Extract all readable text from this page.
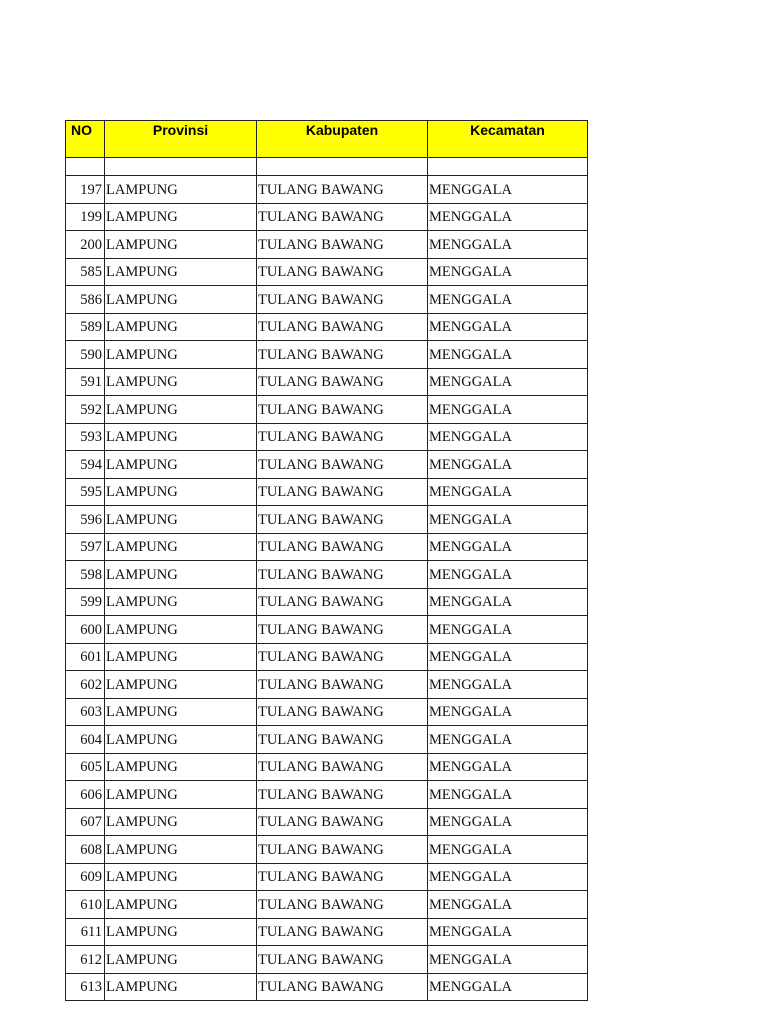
NO	Provinsi	Kabupaten	Kecamatan

197	LAMPUNG	TULANG BAWANG	MENGGALA
199	LAMPUNG	TULANG BAWANG	MENGGALA
200	LAMPUNG	TULANG BAWANG	MENGGALA
585	LAMPUNG	TULANG BAWANG	MENGGALA
586	LAMPUNG	TULANG BAWANG	MENGGALA
589	LAMPUNG	TULANG BAWANG	MENGGALA
590	LAMPUNG	TULANG BAWANG	MENGGALA
591	LAMPUNG	TULANG BAWANG	MENGGALA
592	LAMPUNG	TULANG BAWANG	MENGGALA
593	LAMPUNG	TULANG BAWANG	MENGGALA
594	LAMPUNG	TULANG BAWANG	MENGGALA
595	LAMPUNG	TULANG BAWANG	MENGGALA
596	LAMPUNG	TULANG BAWANG	MENGGALA
597	LAMPUNG	TULANG BAWANG	MENGGALA
598	LAMPUNG	TULANG BAWANG	MENGGALA
599	LAMPUNG	TULANG BAWANG	MENGGALA
600	LAMPUNG	TULANG BAWANG	MENGGALA
601	LAMPUNG	TULANG BAWANG	MENGGALA
602	LAMPUNG	TULANG BAWANG	MENGGALA
603	LAMPUNG	TULANG BAWANG	MENGGALA
604	LAMPUNG	TULANG BAWANG	MENGGALA
605	LAMPUNG	TULANG BAWANG	MENGGALA
606	LAMPUNG	TULANG BAWANG	MENGGALA
607	LAMPUNG	TULANG BAWANG	MENGGALA
608	LAMPUNG	TULANG BAWANG	MENGGALA
609	LAMPUNG	TULANG BAWANG	MENGGALA
610	LAMPUNG	TULANG BAWANG	MENGGALA
611	LAMPUNG	TULANG BAWANG	MENGGALA
612	LAMPUNG	TULANG BAWANG	MENGGALA
613	LAMPUNG	TULANG BAWANG	MENGGALA
